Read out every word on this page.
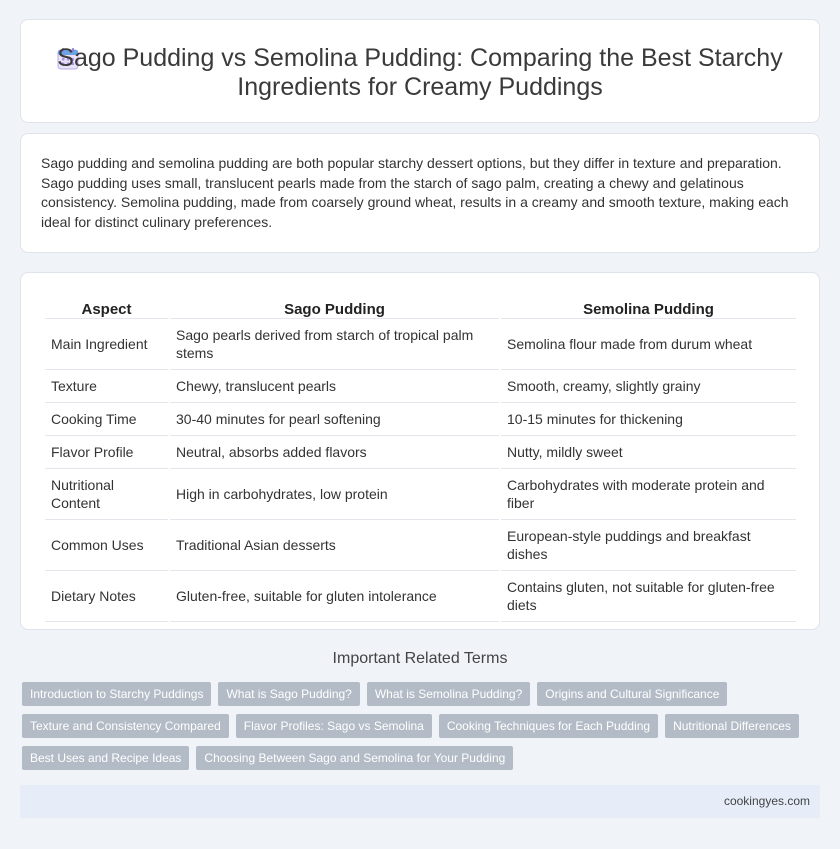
Sago Pudding vs Semolina Pudding: Comparing the Best Starchy
Ingredients for Creamy Puddings

Sago pudding and semolina pudding are both popular starchy dessert options, but they differ in texture and preparation. Sago pudding uses small, translucent pearls made from the starch of sago palm, creating a chewy and gelatinous consistency. Semolina pudding, made from coarsely ground wheat, results in a creamy and smooth texture, making each ideal for distinct culinary preferences.

Aspect	Sago Pudding	Semolina Pudding
Main Ingredient	Sago pearls derived from starch of tropical palm stems	Semolina flour made from durum wheat
Texture	Chewy, translucent pearls	Smooth, creamy, slightly grainy
Cooking Time	30-40 minutes for pearl softening	10-15 minutes for thickening
Flavor Profile	Neutral, absorbs added flavors	Nutty, mildly sweet
Nutritional Content	High in carbohydrates, low protein	Carbohydrates with moderate protein and fiber
Common Uses	Traditional Asian desserts	European-style puddings and breakfast dishes
Dietary Notes	Gluten-free, suitable for gluten intolerance	Contains gluten, not suitable for gluten-free diets
Important Related Terms
Introduction to Starchy Puddings	What is Sago Pudding?	What is Semolina Pudding?	Origins and Cultural Significance
Texture and Consistency Compared	Flavor Profiles: Sago vs Semolina	Cooking Techniques for Each Pudding	Nutritional Differences
Best Uses and Recipe Ideas	Choosing Between Sago and Semolina for Your Pudding
cookingyes.com
